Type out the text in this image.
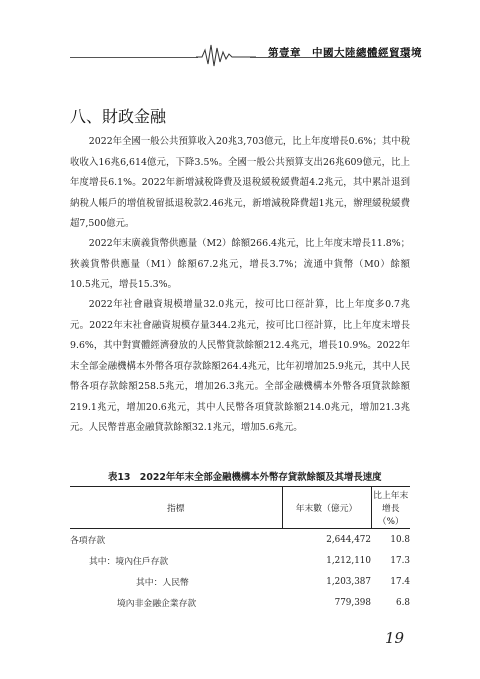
第壹章　中國大陸總體經貿環境
八、財政金融

2022年全國一般公共預算收入20兆3,703億元，比上年度增長0.6%；其中稅收收入16兆6,614億元，下降3.5%。全國一般公共預算支出26兆609億元，比上年度增長6.1%。2022年新增減稅降費及退稅緩稅緩費超4.2兆元，其中累計退到納稅人帳戶的增值稅留抵退稅款2.46兆元，新增減稅降費超1兆元，辦理緩稅緩費超7,500億元。

2022年末廣義貨幣供應量（M2）餘額266.4兆元，比上年度末增長11.8%；狹義貨幣供應量（M1）餘額67.2兆元，增長3.7%；流通中貨幣（M0）餘額10.5兆元，增長15.3%。

2022年社會融資規模增量32.0兆元，按可比口徑計算，比上年度多0.7兆元。2022年末社會融資規模存量344.2兆元，按可比口徑計算，比上年度末增長9.6%，其中對實體經濟發放的人民幣貸款餘額212.4兆元，增長10.9%。2022年末全部金融機構本外幣各項存款餘額264.4兆元，比年初增加25.9兆元，其中人民幣各項存款餘額258.5兆元，增加26.3兆元。全部金融機構本外幣各項貸款餘額219.1兆元，增加20.6兆元，其中人民幣各項貸款餘額214.0兆元，增加21.3兆元。人民幣普惠金融貸款餘額32.1兆元，增加5.6兆元。

表13　2022年年末全部金融機構本外幣存貸款餘額及其增長速度
指標	年末數（億元）	比上年末增長（%）
各項存款	2,644,472	10.8
其中：境內住戶存款	1,212,110	17.3
其中：人民幣	1,203,387	17.4
境內非金融企業存款	779,398	6.8
19
